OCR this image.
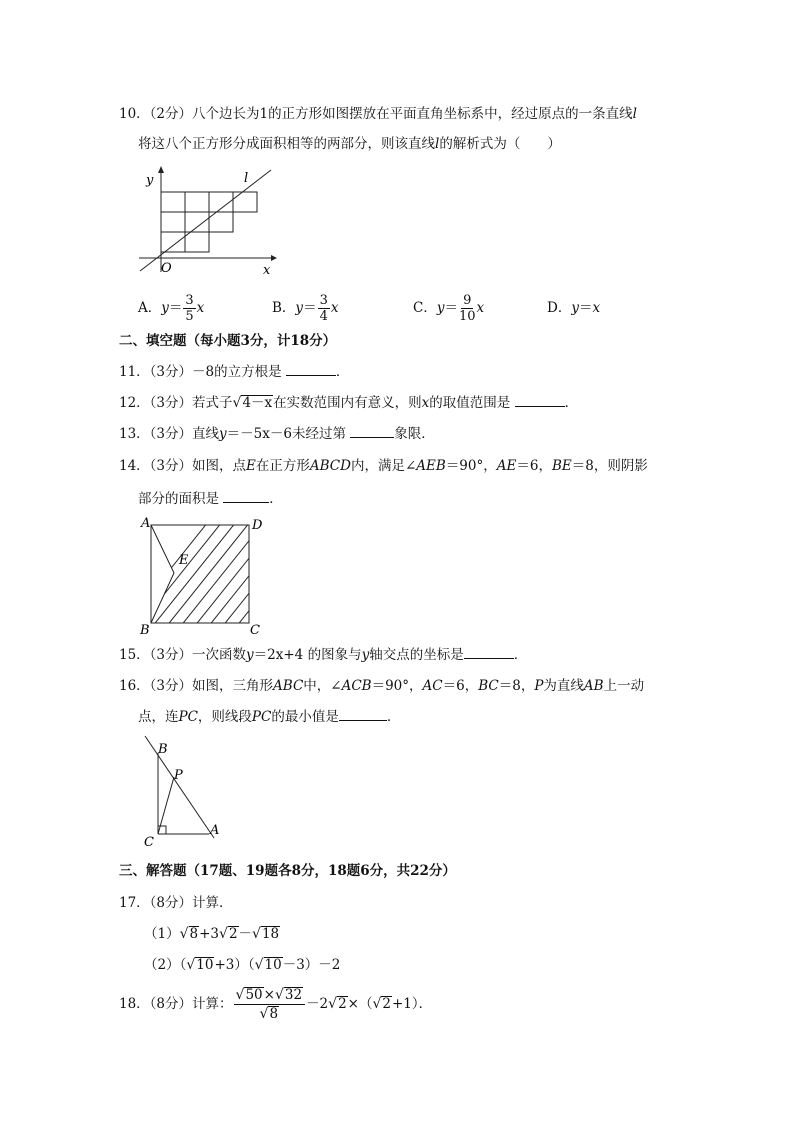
10．（2分）八个边长为1的正方形如图摆放在平面直角坐标系中，经过原点的一条直线l
将这八个正方形分成面积相等的两部分，则该直线l的解析式为（　　）
y	l
O	x
A．$y= \frac{3}{5}$ x	B．$y= \frac{3}{4}$ x	C．$y= \frac{9}{10}$ x	D．y＝x
二、填空题（每小题3分，计18分）
11．（3分）－8的立方根是	．
12．（3分）若式子√4－x在实数范围内有意义，则x的取值范围是	．
13．（3分）直线y＝－5x－6未经过第	象限．
14．（3分）如图，点E在正方形ABCD内，满足∠AEB＝90°，AE＝6，BE＝8，则阴影
部分的面积是	．
A	D
E
B	C
15．（3分）一次函数y＝2x+4 的图象与y轴交点的坐标是	．
16．（3分）如图，三角形ABC中，∠ACB＝90°，AC＝6，BC＝8，P为直线AB上一动
点，连PC，则线段PC的最小值是	．
B
P
C
A
三、解答题（17题、19题各8分，18题6分，共22分）
17．（8分）计算．
（1）√8+3√2－√18
（2）（√10+3）（√10－3）－2
18．（8分）计算： $\frac{√50\times√32}{√8} -2√2\times(√2+1)$．
